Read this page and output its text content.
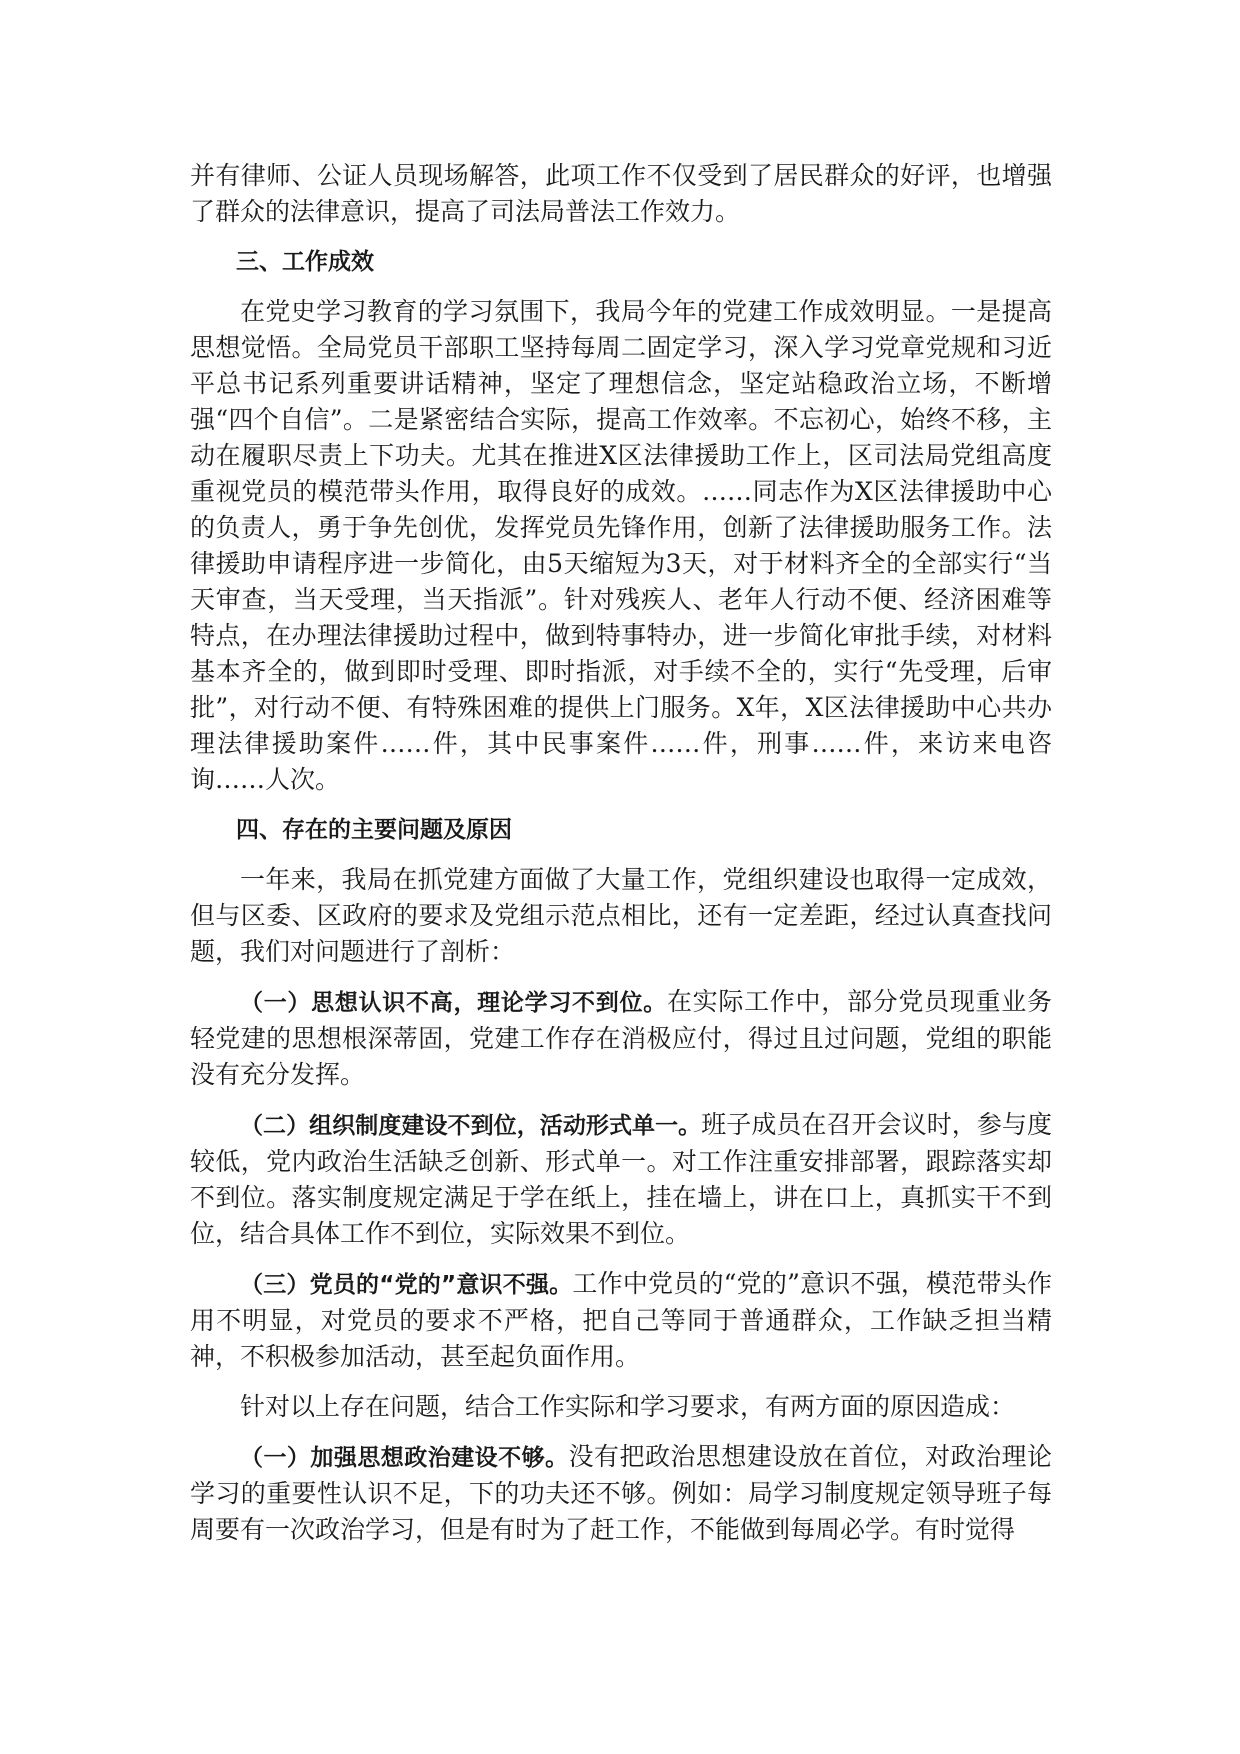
并有律师、公证人员现场解答，此项工作不仅受到了居民群众的好评，也增强了群众的法律意识，提高了司法局普法工作效力。

三、工作成效

在党史学习教育的学习氛围下，我局今年的党建工作成效明显。一是提高思想觉悟。全局党员干部职工坚持每周二固定学习，深入学习党章党规和习近平总书记系列重要讲话精神，坚定了理想信念，坚定站稳政治立场，不断增强“四个自信”。二是紧密结合实际，提高工作效率。不忘初心，始终不移，主动在履职尽责上下功夫。尤其在推进X区法律援助工作上，区司法局党组高度重视党员的模范带头作用，取得良好的成效。……同志作为X区法律援助中心的负责人，勇于争先创优，发挥党员先锋作用，创新了法律援助服务工作。法律援助申请程序进一步简化，由5天缩短为3天，对于材料齐全的全部实行“当天审查，当天受理，当天指派”。针对残疾人、老年人行动不便、经济困难等特点，在办理法律援助过程中，做到特事特办，进一步简化审批手续，对材料基本齐全的，做到即时受理、即时指派，对手续不全的，实行“先受理，后审批”，对行动不便、有特殊困难的提供上门服务。X年，X区法律援助中心共办理法律援助案件……件，其中民事案件……件，刑事……件，来访来电咨询……人次。

四、存在的主要问题及原因

一年来，我局在抓党建方面做了大量工作，党组织建设也取得一定成效，但与区委、区政府的要求及党组示范点相比，还有一定差距，经过认真查找问题，我们对问题进行了剖析：

（一）思想认识不高，理论学习不到位。在实际工作中，部分党员现重业务轻党建的思想根深蒂固，党建工作存在消极应付，得过且过问题，党组的职能没有充分发挥。

（二）组织制度建设不到位，活动形式单一。班子成员在召开会议时，参与度较低，党内政治生活缺乏创新、形式单一。对工作注重安排部署，跟踪落实却不到位。落实制度规定满足于学在纸上，挂在墙上，讲在口上，真抓实干不到位，结合具体工作不到位，实际效果不到位。

（三）党员的“党的”意识不强。工作中党员的“党的”意识不强，模范带头作用不明显，对党员的要求不严格，把自己等同于普通群众，工作缺乏担当精神，不积极参加活动，甚至起负面作用。

针对以上存在问题，结合工作实际和学习要求，有两方面的原因造成：

（一）加强思想政治建设不够。没有把政治思想建设放在首位，对政治理论学习的重要性认识不足，下的功夫还不够。例如：局学习制度规定领导班子每周要有一次政治学习，但是有时为了赶工作，不能做到每周必学。有时觉得
